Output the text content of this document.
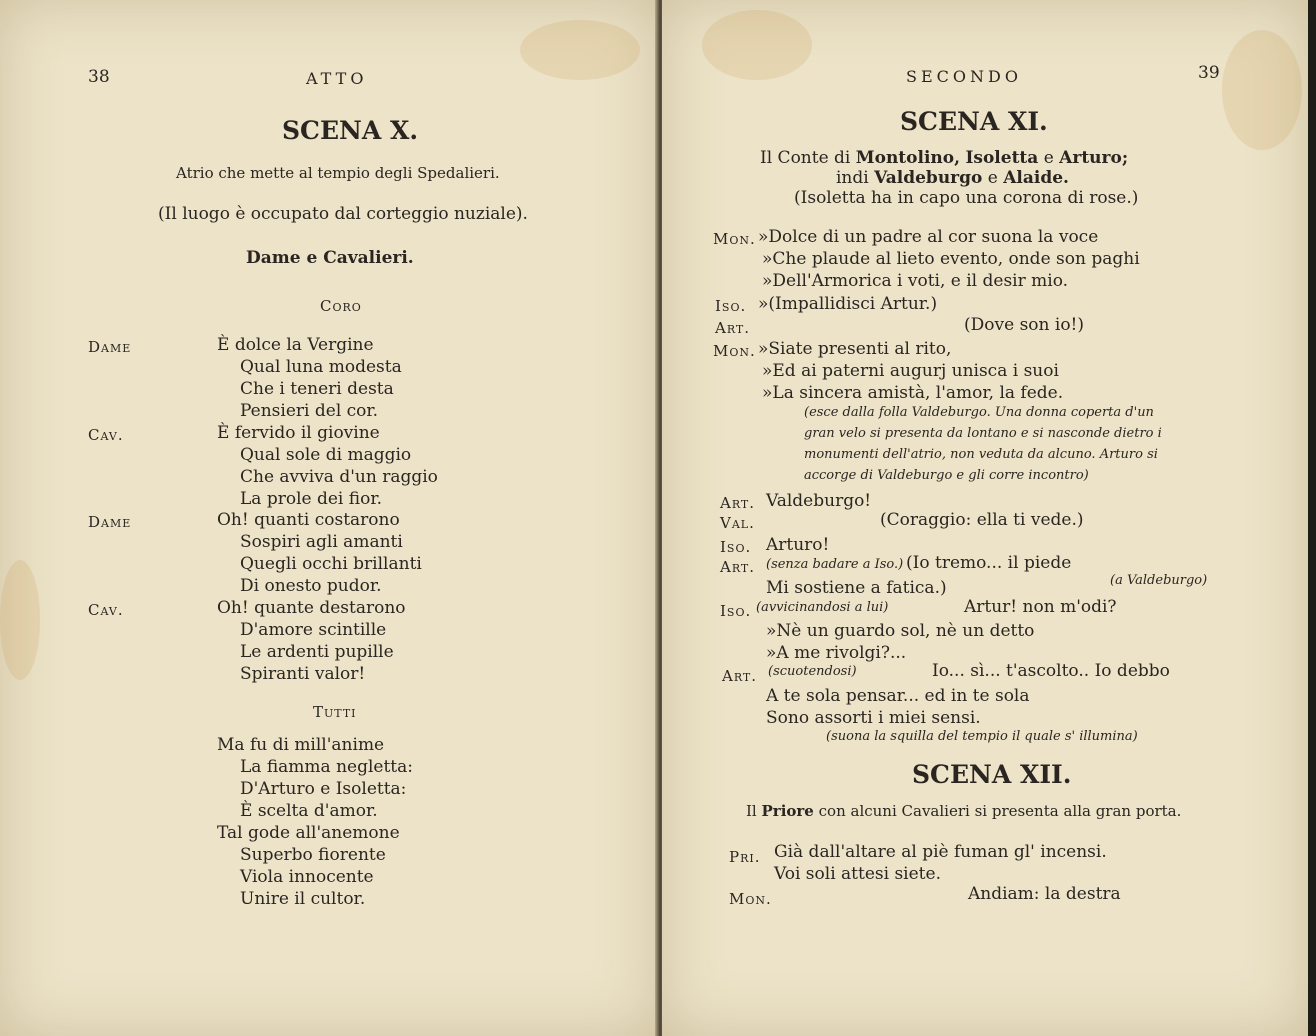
38	ATTO
SCENA X.
Atrio che mette al tempio degli Spedalieri.
(Il luogo è occupato dal corteggio nuziale).
Dame e Cavalieri.
Coro
Dame	È dolce la Vergine
Qual luna modesta
Che i teneri desta
Pensieri del cor.
Cav.	È fervido il giovine
Qual sole di maggio
Che avviva d'un raggio
La prole dei fior.
Dame	Oh! quanti costarono
Sospiri agli amanti
Quegli occhi brillanti
Di onesto pudor.
Cav.	Oh! quante destarono
D'amore scintille
Le ardenti pupille
Spiranti valor!
Tutti
Ma fu di mill'anime
La fiamma negletta:
D'Arturo e Isoletta:
È scelta d'amor.
Tal gode all'anemone
Superbo fiorente
Viola innocente
Unire il cultor.
SECONDO	39
SCENA XI.
Il Conte di Montolino, Isoletta e Arturo;
indi Valdeburgo e Alaide.
(Isoletta ha in capo una corona di rose.)
Mon. »Dolce di un padre al cor suona la voce
»Che plaude al lieto evento, onde son paghi
»Dell'Armorica i voti, e il desir mio.
Iso. »(Impallidisci Artur.)
Art.	(Dove son io!)
Mon. »Siate presenti al rito,
»Ed ai paterni augurj unisca i suoi
»La sincera amistà, l'amor, la fede.
(esce dalla folla Valdeburgo. Una donna coperta d'un
gran velo si presenta da lontano e si nasconde dietro i
monumenti dell'atrio, non veduta da alcuno. Arturo si
accorge di Valdeburgo e gli corre incontro)
Art. Valdeburgo!
Val.	(Coraggio: ella ti vede.)
Iso. Arturo!
Art. (senza badare a Iso.) (Io tremo... il piede
Mi sostiene a fatica.)	(a Valdeburgo)
Iso. (avvicinandosi a lui)	Artur! non m'odi?
»Nè un guardo sol, nè un detto
»A me rivolgi?...
Art. (scuotendosi)	Io... sì... t'ascolto.. Io debbo
A te sola pensar... ed in te sola
Sono assorti i miei sensi.
(suona la squilla del tempio il quale s' illumina)
SCENA XII.
Il Priore con alcuni Cavalieri si presenta alla gran porta.
Pri. Già dall'altare al piè fuman gl' incensi.
Voi soli attesi siete.
Mon.	Andiam: la destra
